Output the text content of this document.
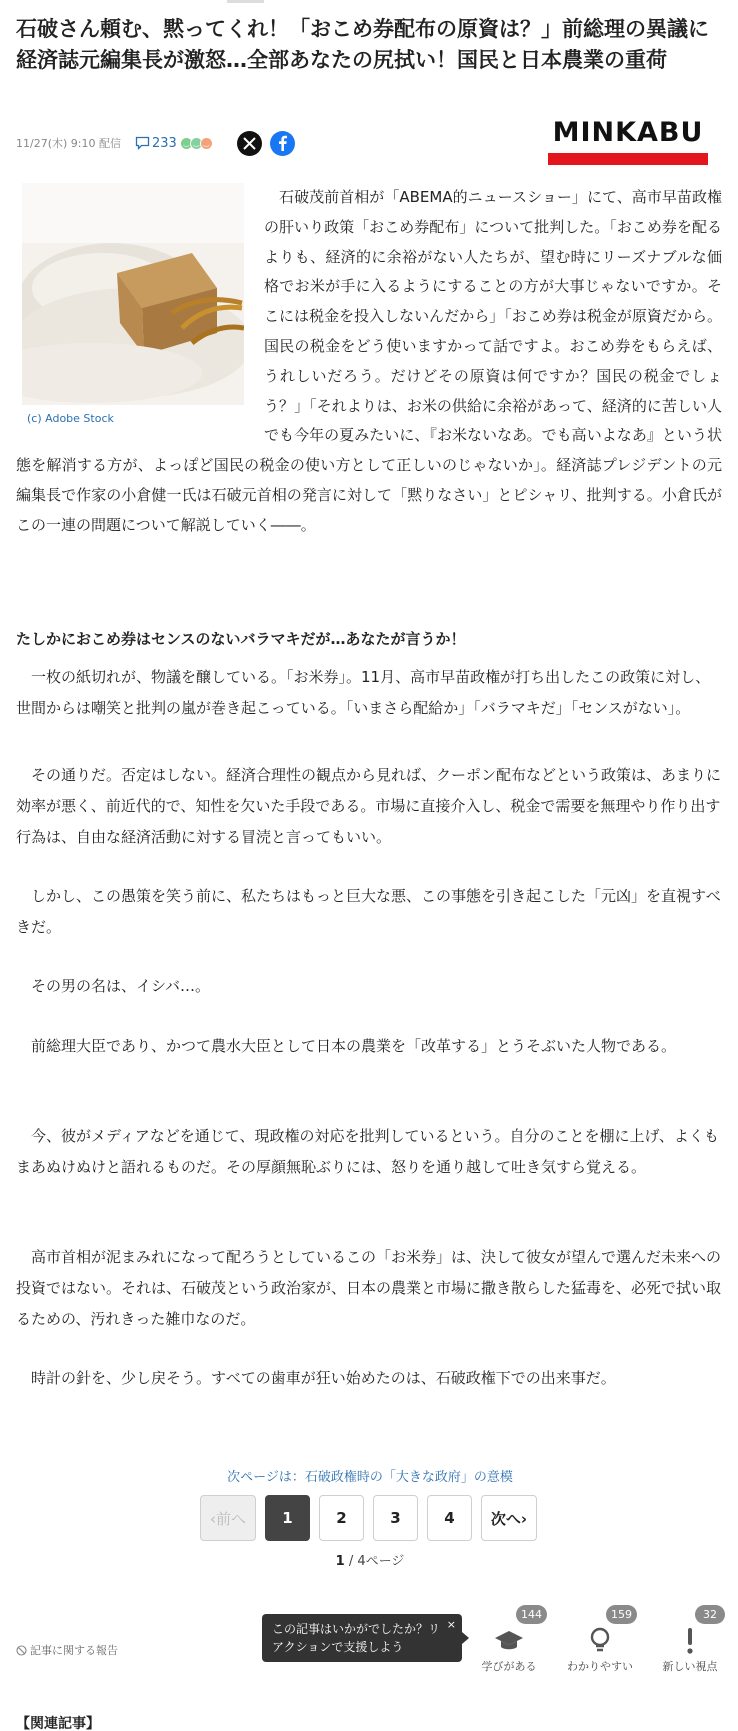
石破さん頼む、黙ってくれ！「おこめ券配布の原資は？」前総理の異議に経済誌元編集長が激怒…全部あなたの尻拭い！国民と日本農業の重荷
11/27(木) 9:10 配信 233 ‿ ‿ ‿	MINKABU
　石破茂前首相が「ABEMA的ニュースショー」にて、高市早苗政権の肝いり政策「おこめ券配布」について批判した。「おこめ券を配るよりも、経済的に余裕がない人たちが、望む時にリーズナブルな価格でお米が手に入るようにすることの方が大事じゃないですか。そこには税金を投入しないんだから」「おこめ券は税金が原資だから。国民の税金をどう使いますかって話ですよ。おこめ券をもらえば、うれしいだろう。だけどその原資は何ですか？国民の税金でしょう？」「それよりは、お米の供給に余裕があって、経済的に苦しい人でも今年の夏みたいに、『お米ないなあ。でも高いよなあ』という状態を解消する方が、よっぽど国民の税金の使い方として正しいのじゃないか」。経済誌プレジデントの元編集長で作家の小倉健一氏は石破元首相の発言に対して「黙りなさい」とピシャリ、批判する。小倉氏がこの一連の問題について解説していく――。
(c) Adobe Stock
たしかにおこめ券はセンスのないバラマキだが…あなたが言うか！

　一枚の紙切れが、物議を醸している。「お米券」。11月、高市早苗政権が打ち出したこの政策に対し、世間からは嘲笑と批判の嵐が巻き起こっている。「いまさら配給か」「バラマキだ」「センスがない」。

　その通りだ。否定はしない。経済合理性の観点から見れば、クーポン配布などという政策は、あまりに効率が悪く、前近代的で、知性を欠いた手段である。市場に直接介入し、税金で需要を無理やり作り出す行為は、自由な経済活動に対する冒涜と言ってもいい。

　しかし、この愚策を笑う前に、私たちはもっと巨大な悪、この事態を引き起こした「元凶」を直視すべきだ。

　その男の名は、イシバ…。

　前総理大臣であり、かつて農水大臣として日本の農業を「改革する」とうそぶいた人物である。

　今、彼がメディアなどを通じて、現政権の対応を批判しているという。自分のことを棚に上げ、よくもまあぬけぬけと語れるものだ。その厚顔無恥ぶりには、怒りを通り越して吐き気すら覚える。

　高市首相が泥まみれになって配ろうとしているこの「お米券」は、決して彼女が望んで選んだ未来への投資ではない。それは、石破茂という政治家が、日本の農業と市場に撒き散らした猛毒を、必死で拭い取るための、汚れきった雑巾なのだ。

　時計の針を、少し戻そう。すべての歯車が狂い始めたのは、石破政権下での出来事だ。

次ページは：石破政権時の「大きな政府」の意模
‹前へ	1	2	3	4	次へ›
1 / 4ページ
記事に関する報告
この記事はいかがでしたか？リアクションで支援しよう
×
144
学びがある
159
わかりやすい
32
新しい視点
【関連記事】
